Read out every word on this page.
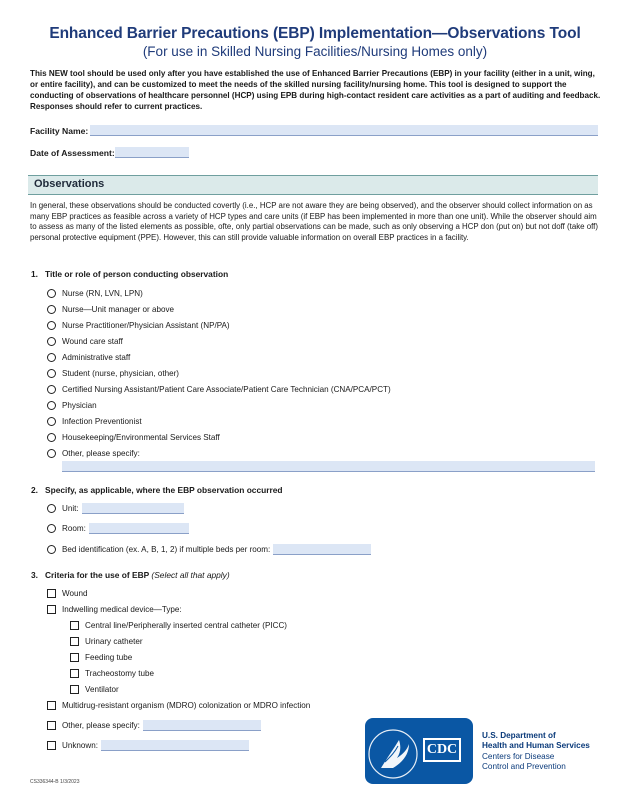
Enhanced Barrier Precautions (EBP) Implementation—Observations Tool
(For use in Skilled Nursing Facilities/Nursing Homes only)
This NEW tool should be used only after you have established the use of Enhanced Barrier Precautions (EBP) in your facility (either in a unit, wing, or entire facility), and can be customized to meet the needs of the skilled nursing facility/nursing home. This tool is designed to support the conducting of observations of healthcare personnel (HCP) using EPB during high-contact resident care activities as a part of auditing and feedback. Responses should refer to current practices.
Facility Name:
Date of Assessment:
Observations
In general, these observations should be conducted covertly (i.e., HCP are not aware they are being observed), and the observer should collect information on as many EBP practices as feasible across a variety of HCP types and care units (if EBP has been implemented in more than one unit). While the observer should aim to assess as many of the listed elements as possible, ofte, only partial observations can be made, such as only observing a HCP don (put on) but not doff (take off) personal protective equipment (PPE). However, this can still provide valuable information on overall EBP practices in a facility.
1. Title or role of person conducting observation
Nurse (RN, LVN, LPN)
Nurse—Unit manager or above
Nurse Practitioner/Physician Assistant (NP/PA)
Wound care staff
Administrative staff
Student (nurse, physician, other)
Certified Nursing Assistant/Patient Care Associate/Patient Care Technician (CNA/PCA/PCT)
Physician
Infection Preventionist
Housekeeping/Environmental Services Staff
Other, please specify:
2. Specify, as applicable, where the EBP observation occurred
Unit:
Room:
Bed identification (ex. A, B, 1, 2) if multiple beds per room:
3. Criteria for the use of EBP (Select all that apply)
Wound
Indwelling medical device—Type:
Central line/Peripherally inserted central catheter (PICC)
Urinary catheter
Feeding tube
Tracheostomy tube
Ventilator
Multidrug-resistant organism (MDRO) colonization or MDRO infection
Other, please specify:
Unknown:
CS336344-B 1/3/2023
CDC
U.S. Department of
Health and Human Services
Centers for Disease
Control and Prevention
